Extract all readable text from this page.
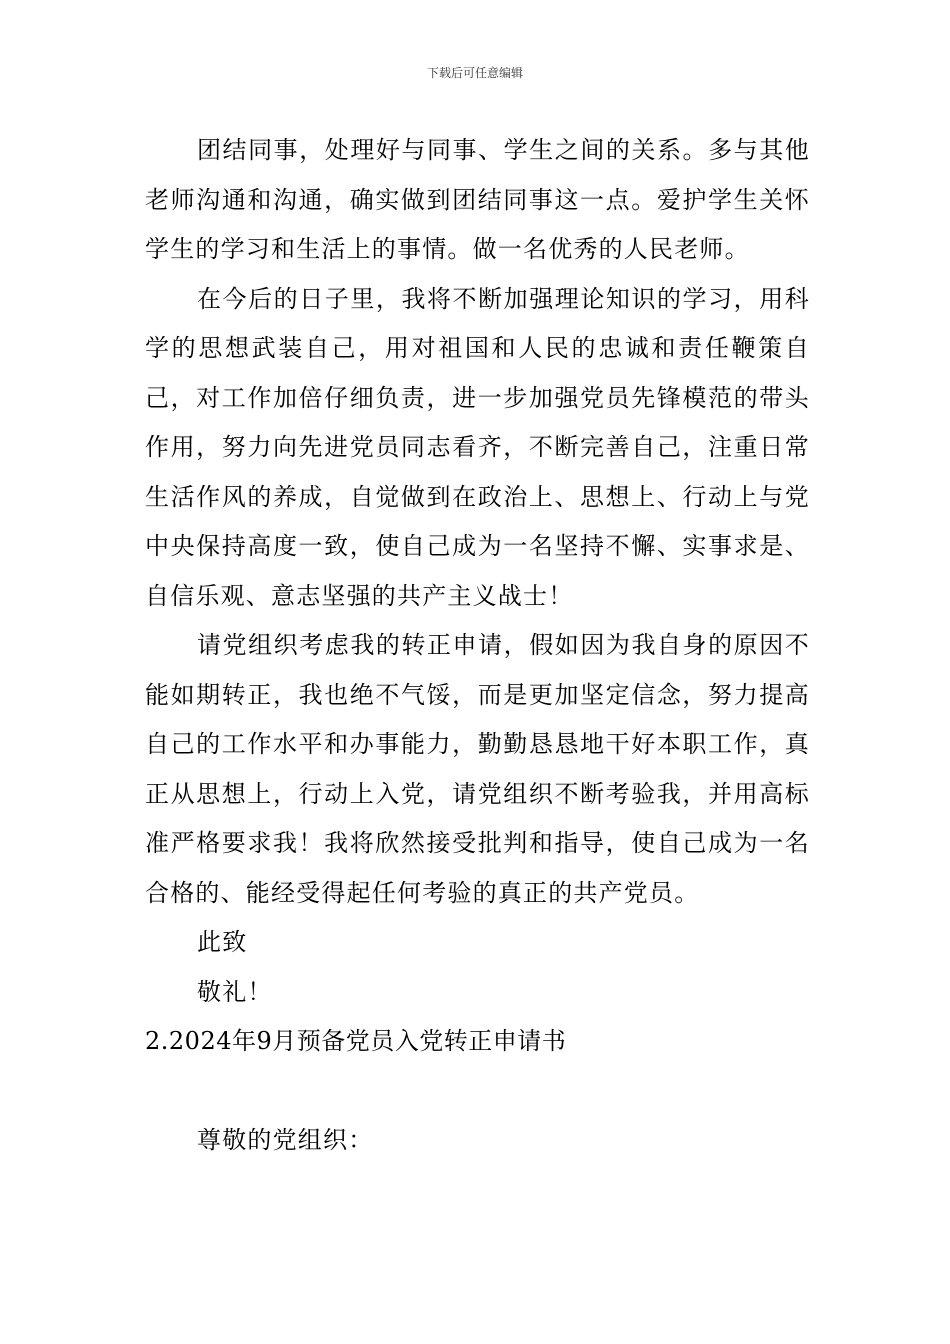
下载后可任意编辑

团结同事，处理好与同事、学生之间的关系。多与其他老师沟通和沟通，确实做到团结同事这一点。爱护学生关怀学生的学习和生活上的事情。做一名优秀的人民老师。

在今后的日子里，我将不断加强理论知识的学习，用科学的思想武装自己，用对祖国和人民的忠诚和责任鞭策自己，对工作加倍仔细负责，进一步加强党员先锋模范的带头作用，努力向先进党员同志看齐，不断完善自己，注重日常生活作风的养成，自觉做到在政治上、思想上、行动上与党中央保持高度一致，使自己成为一名坚持不懈、实事求是、自信乐观、意志坚强的共产主义战士！

请党组织考虑我的转正申请，假如因为我自身的原因不能如期转正，我也绝不气馁，而是更加坚定信念，努力提高自己的工作水平和办事能力，勤勤恳恳地干好本职工作，真正从思想上，行动上入党，请党组织不断考验我，并用高标准严格要求我！我将欣然接受批判和指导，使自己成为一名合格的、能经受得起任何考验的真正的共产党员。

此致

敬礼！

2.2024年9月预备党员入党转正申请书

尊敬的党组织：
